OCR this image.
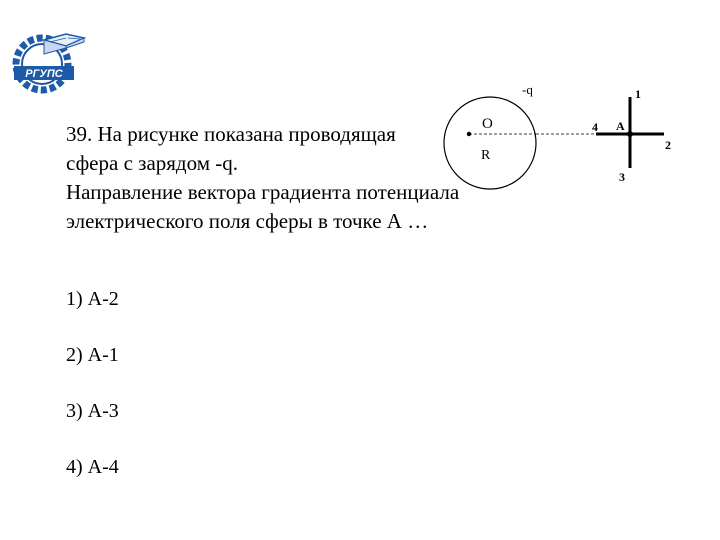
РГУПС
39. На рисунке показана проводящая
сфера с зарядом -q.
Направление вектора градиента потенциала
электрического поля сферы в точке А …
1) А-2
2) А-1
3) А-3
4) А-4
-q
O
R
A
1
2
3
4
